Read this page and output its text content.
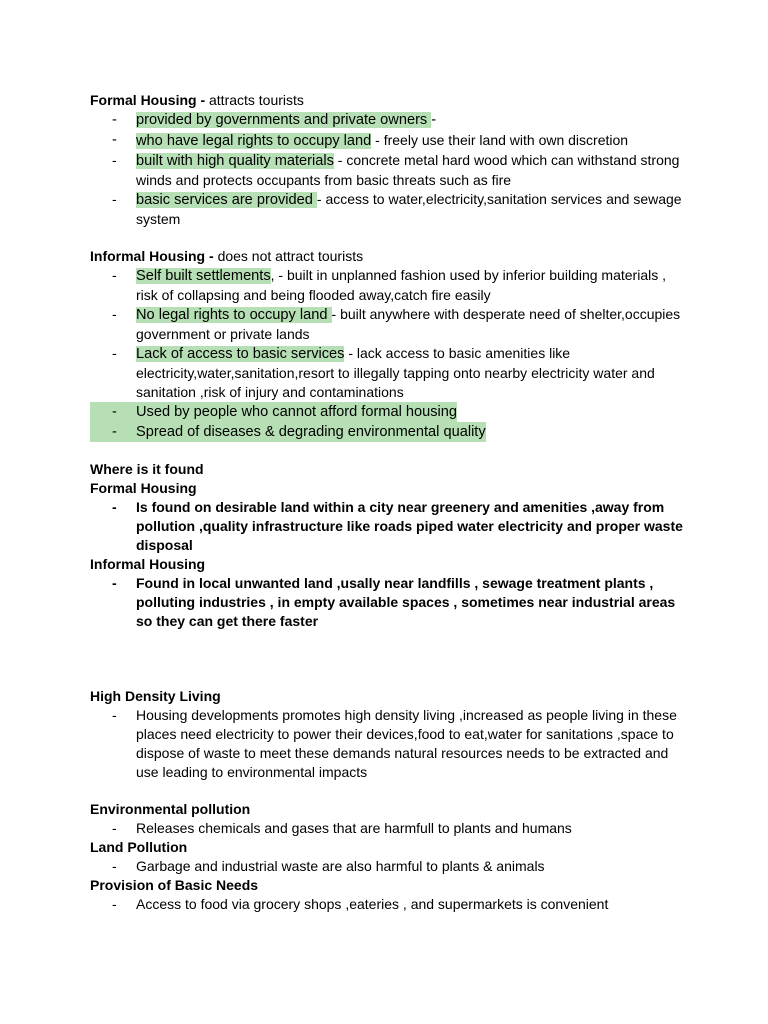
Formal Housing - attracts tourists

- provided by governments and private owners -
- who have legal rights to occupy land - freely use their land with own discretion
- built with high quality materials - concrete metal hard wood which can withstand strong winds and protects occupants from basic threats such as fire
- basic services are provided - access to water,electricity,sanitation services and sewage system

Informal Housing - does not attract tourists

- Self built settlements, - built in unplanned fashion used by inferior building materials , risk of collapsing and being flooded away,catch fire easily
- No legal rights to occupy land - built anywhere with desperate need of shelter,occupies government or private lands
- Lack of access to basic services - lack access to basic amenities like electricity,water,sanitation,resort to illegally tapping onto nearby electricity water and sanitation ,risk of injury and contaminations
- Used by people who cannot afford formal housing
- Spread of diseases & degrading environmental quality

Where is it found

Formal Housing

- Is found on desirable land within a city near greenery and amenities ,away from pollution ,quality infrastructure like roads piped water electricity and proper waste disposal

Informal Housing

- Found in local unwanted land ,usally near landfills , sewage treatment plants , polluting industries , in empty available spaces , sometimes near industrial areas so they can get there faster

High Density Living

- Housing developments promotes high density living ,increased as people living in these places need electricity to power their devices,food to eat,water for sanitations ,space to dispose of waste to meet these demands natural resources needs to be extracted and use leading to environmental impacts

Environmental pollution

- Releases chemicals and gases that are harmfull to plants and humans

Land Pollution

- Garbage and industrial waste are also harmful to plants & animals

Provision of Basic Needs

- Access to food via grocery shops ,eateries , and supermarkets is convenient
